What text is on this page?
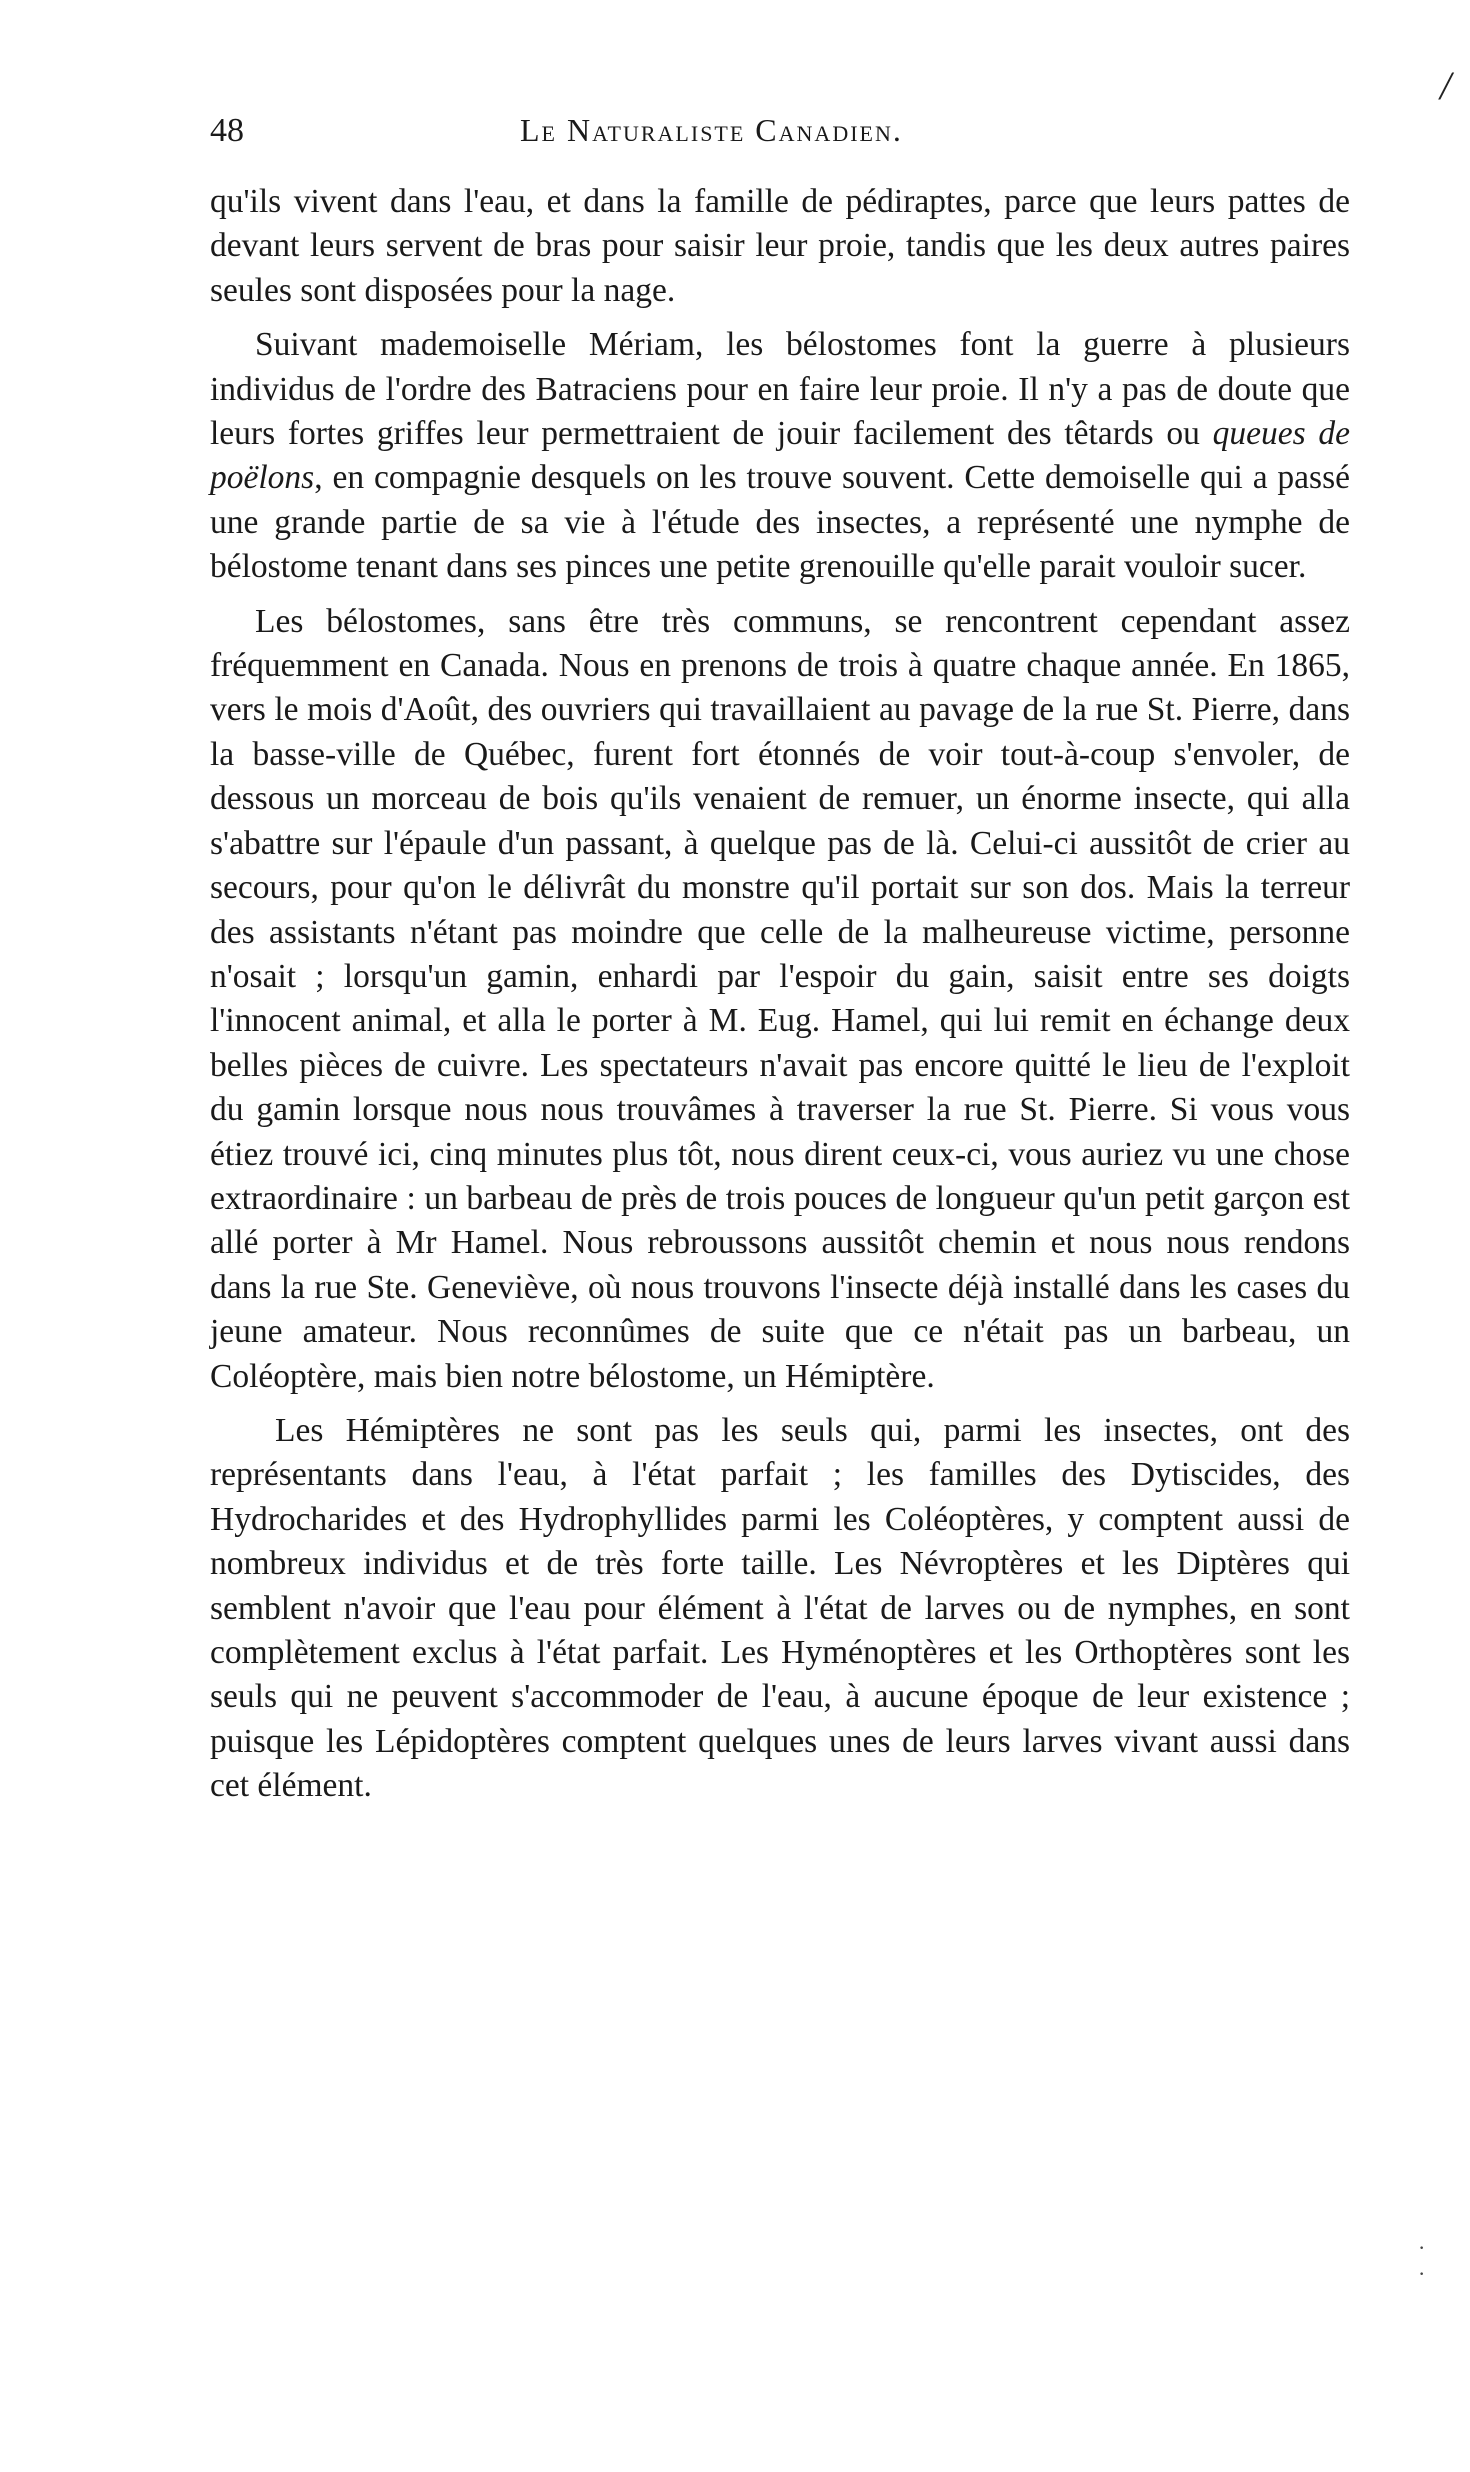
/
48	Le Naturaliste Canadien.

qu'ils vivent dans l'eau, et dans la famille de pédiraptes, parce que leurs pattes de devant leurs servent de bras pour saisir leur proie, tandis que les deux autres paires seules sont disposées pour la nage.

Suivant mademoiselle Mériam, les bélostomes font la guerre à plusieurs individus de l'ordre des Batraciens pour en faire leur proie. Il n'y a pas de doute que leurs fortes griffes leur permettraient de jouir facilement des têtards ou queues de poëlons, en compagnie desquels on les trouve souvent. Cette demoiselle qui a passé une grande partie de sa vie à l'étude des insectes, a représenté une nymphe de bélostome tenant dans ses pinces une petite grenouille qu'elle parait vouloir sucer.

Les bélostomes, sans être très communs, se rencontrent cependant assez fréquemment en Canada. Nous en prenons de trois à quatre chaque année. En 1865, vers le mois d'Août, des ouvriers qui travaillaient au pavage de la rue St. Pierre, dans la basse-ville de Québec, furent fort étonnés de voir tout-à-coup s'envoler, de dessous un morceau de bois qu'ils venaient de remuer, un énorme insecte, qui alla s'abattre sur l'épaule d'un passant, à quelque pas de là. Celui-ci aussitôt de crier au secours, pour qu'on le délivrât du monstre qu'il portait sur son dos. Mais la terreur des assistants n'étant pas moindre que celle de la malheureuse victime, personne n'osait ; lorsqu'un gamin, enhardi par l'espoir du gain, saisit entre ses doigts l'innocent animal, et alla le porter à M. Eug. Hamel, qui lui remit en échange deux belles pièces de cuivre. Les spectateurs n'avait pas encore quitté le lieu de l'exploit du gamin lorsque nous nous trouvâmes à traverser la rue St. Pierre. Si vous vous étiez trouvé ici, cinq minutes plus tôt, nous dirent ceux-ci, vous auriez vu une chose extraordinaire : un barbeau de près de trois pouces de longueur qu'un petit garçon est allé porter à Mr Hamel. Nous rebroussons aussitôt chemin et nous nous rendons dans la rue Ste. Geneviève, où nous trouvons l'insecte déjà installé dans les cases du jeune amateur. Nous reconnûmes de suite que ce n'était pas un barbeau, un Coléoptère, mais bien notre bélostome, un Hémiptère.

Les Hémiptères ne sont pas les seuls qui, parmi les insectes, ont des représentants dans l'eau, à l'état parfait ; les familles des Dytiscides, des Hydrocharides et des Hydrophyllides parmi les Coléoptères, y comptent aussi de nombreux individus et de très forte taille. Les Névroptères et les Diptères qui semblent n'avoir que l'eau pour élément à l'état de larves ou de nymphes, en sont complètement exclus à l'état parfait. Les Hyménoptères et les Orthoptères sont les seuls qui ne peuvent s'accommoder de l'eau, à aucune époque de leur existence ; puisque les Lépidoptères comptent quelques unes de leurs larves vivant aussi dans cet élément.

· ·
